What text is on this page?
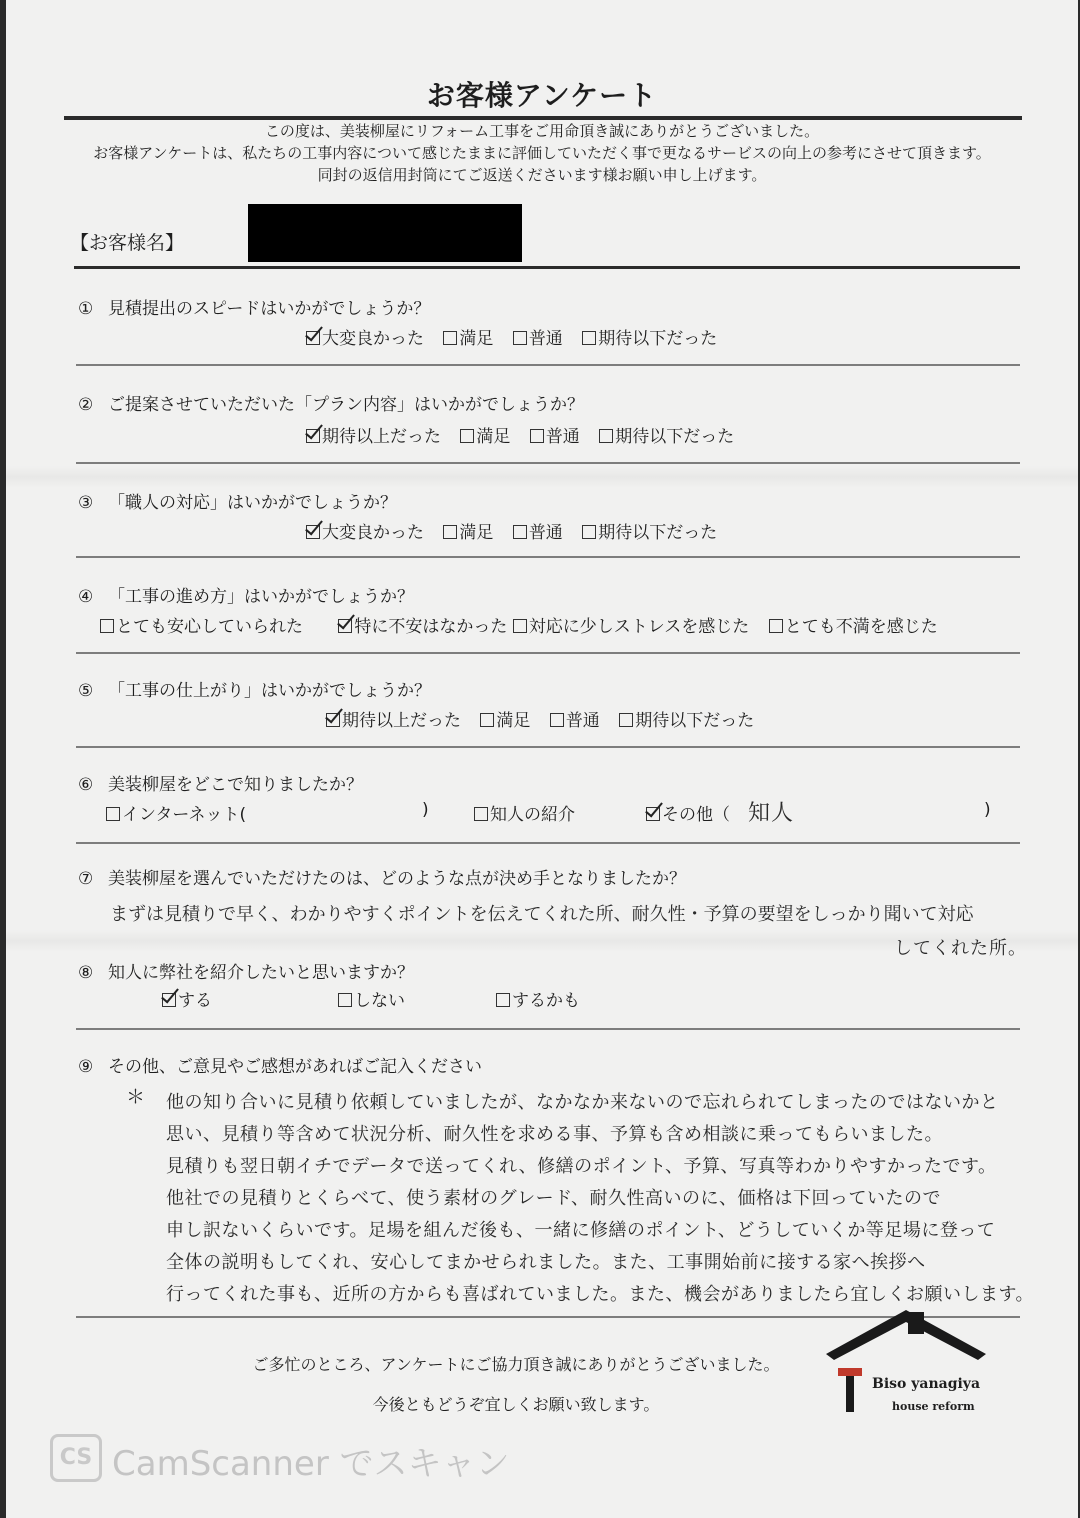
お客様アンケート
この度は、美装柳屋にリフォーム工事をご用命頂き誠にありがとうございました。
お客様アンケートは、私たちの工事内容について感じたままに評価していただく事で更なるサービスの向上の参考にさせて頂きます。
同封の返信用封筒にてご返送くださいます様お願い申し上げます。
【お客様名】
① 見積提出のスピードはいかがでしょうか？
大変良かった 満足 普通 期待以下だった
② ご提案させていただいた「プラン内容」はいかがでしょうか？
期待以上だった 満足 普通 期待以下だった
③ 「職人の対応」はいかがでしょうか？
大変良かった 満足 普通 期待以下だった
④ 「工事の進め方」はいかがでしょうか？
とても安心していられた	特に不安はなかった 対応に少しストレスを感じた とても不満を感じた
⑤ 「工事の仕上がり」はいかがでしょうか？
期待以上だった 満足 普通 期待以下だった
⑥ 美装柳屋をどこで知りましたか？
インターネット(	)	知人の紹介	その他（ 知人	)
⑦ 美装柳屋を選んでいただけたのは、どのような点が決め手となりましたか？
まずは見積りで早く、わかりやすくポイントを伝えてくれた所、耐久性・予算の要望をしっかり聞いて対応
してくれた所。
⑧ 知人に弊社を紹介したいと思いますか？
する	しない	するかも
⑨ その他、ご意見やご感想があればご記入ください
＊ 他の知り合いに見積り依頼していましたが、なかなか来ないので忘れられてしまったのではないかと
思い、見積り等含めて状況分析、耐久性を求める事、予算も含め相談に乗ってもらいました。
見積りも翌日朝イチでデータで送ってくれ、修繕のポイント、予算、写真等わかりやすかったです。
他社での見積りとくらべて、使う素材のグレード、耐久性高いのに、価格は下回っていたので
申し訳ないくらいです。足場を組んだ後も、一緒に修繕のポイント、どうしていくか等足場に登って
全体の説明もしてくれ、安心してまかせられました。また、工事開始前に接する家へ挨拶へ
行ってくれた事も、近所の方からも喜ばれていました。また、機会がありましたら宜しくお願いします。
ご多忙のところ、アンケートにご協力頂き誠にありがとうございました。
今後ともどうぞ宜しくお願い致します。
Biso yanagiya
house reform
CS CamScanner でスキャン
